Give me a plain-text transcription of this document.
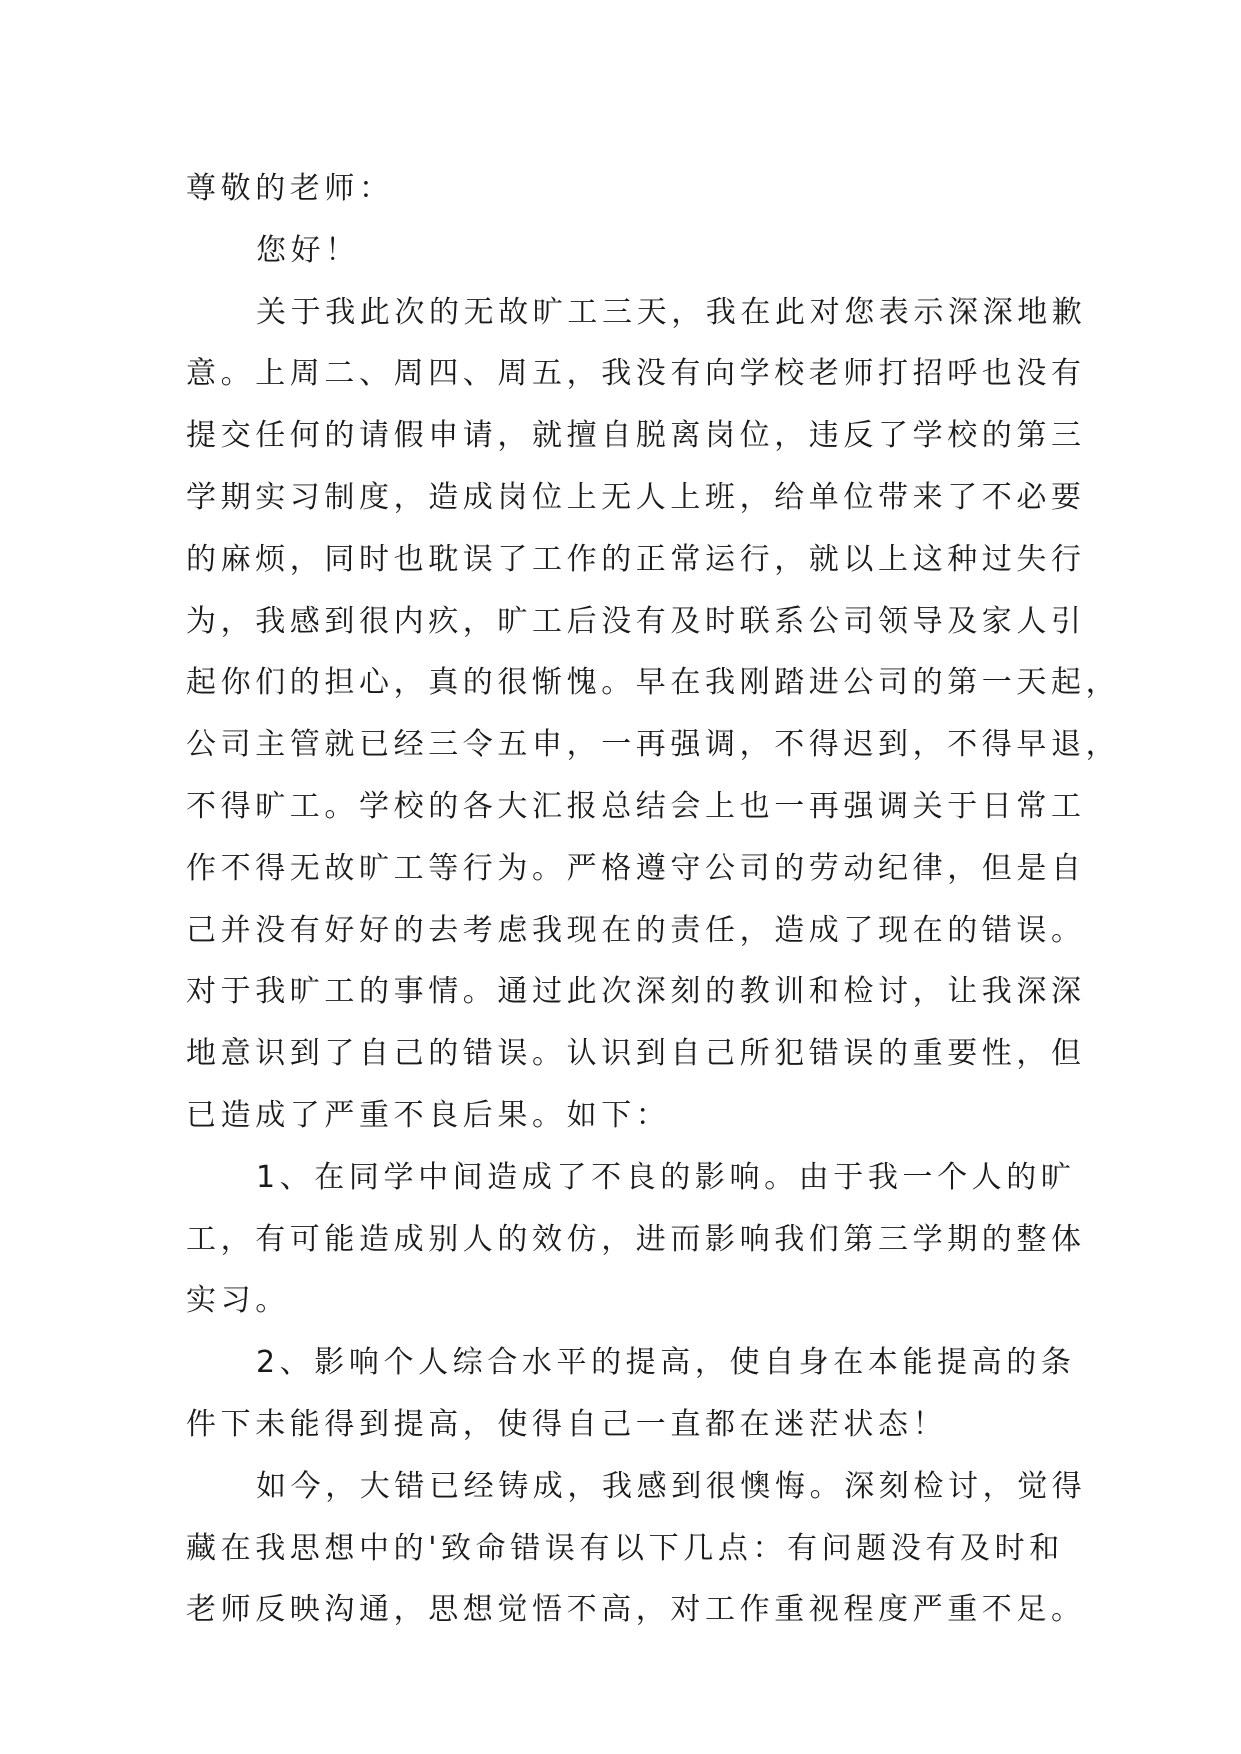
尊敬的老师：
您好！
关于我此次的无故旷工三天，我在此对您表示深深地歉
意。上周二、周四、周五，我没有向学校老师打招呼也没有
提交任何的请假申请，就擅自脱离岗位，违反了学校的第三
学期实习制度，造成岗位上无人上班，给单位带来了不必要
的麻烦，同时也耽误了工作的正常运行，就以上这种过失行
为，我感到很内疚，旷工后没有及时联系公司领导及家人引
起你们的担心，真的很惭愧。早在我刚踏进公司的第一天起，
公司主管就已经三令五申，一再强调，不得迟到，不得早退，
不得旷工。学校的各大汇报总结会上也一再强调关于日常工
作不得无故旷工等行为。严格遵守公司的劳动纪律，但是自
己并没有好好的去考虑我现在的责任，造成了现在的错误。
对于我旷工的事情。通过此次深刻的教训和检讨，让我深深
地意识到了自己的错误。认识到自己所犯错误的重要性，但
已造成了严重不良后果。如下：
1、在同学中间造成了不良的影响。由于我一个人的旷
工，有可能造成别人的效仿，进而影响我们第三学期的整体
实习。
2、影响个人综合水平的提高，使自身在本能提高的条
件下未能得到提高，使得自己一直都在迷茫状态！
如今，大错已经铸成，我感到很懊悔。深刻检讨，觉得
藏在我思想中的'致命错误有以下几点：有问题没有及时和
老师反映沟通，思想觉悟不高，对工作重视程度严重不足。
